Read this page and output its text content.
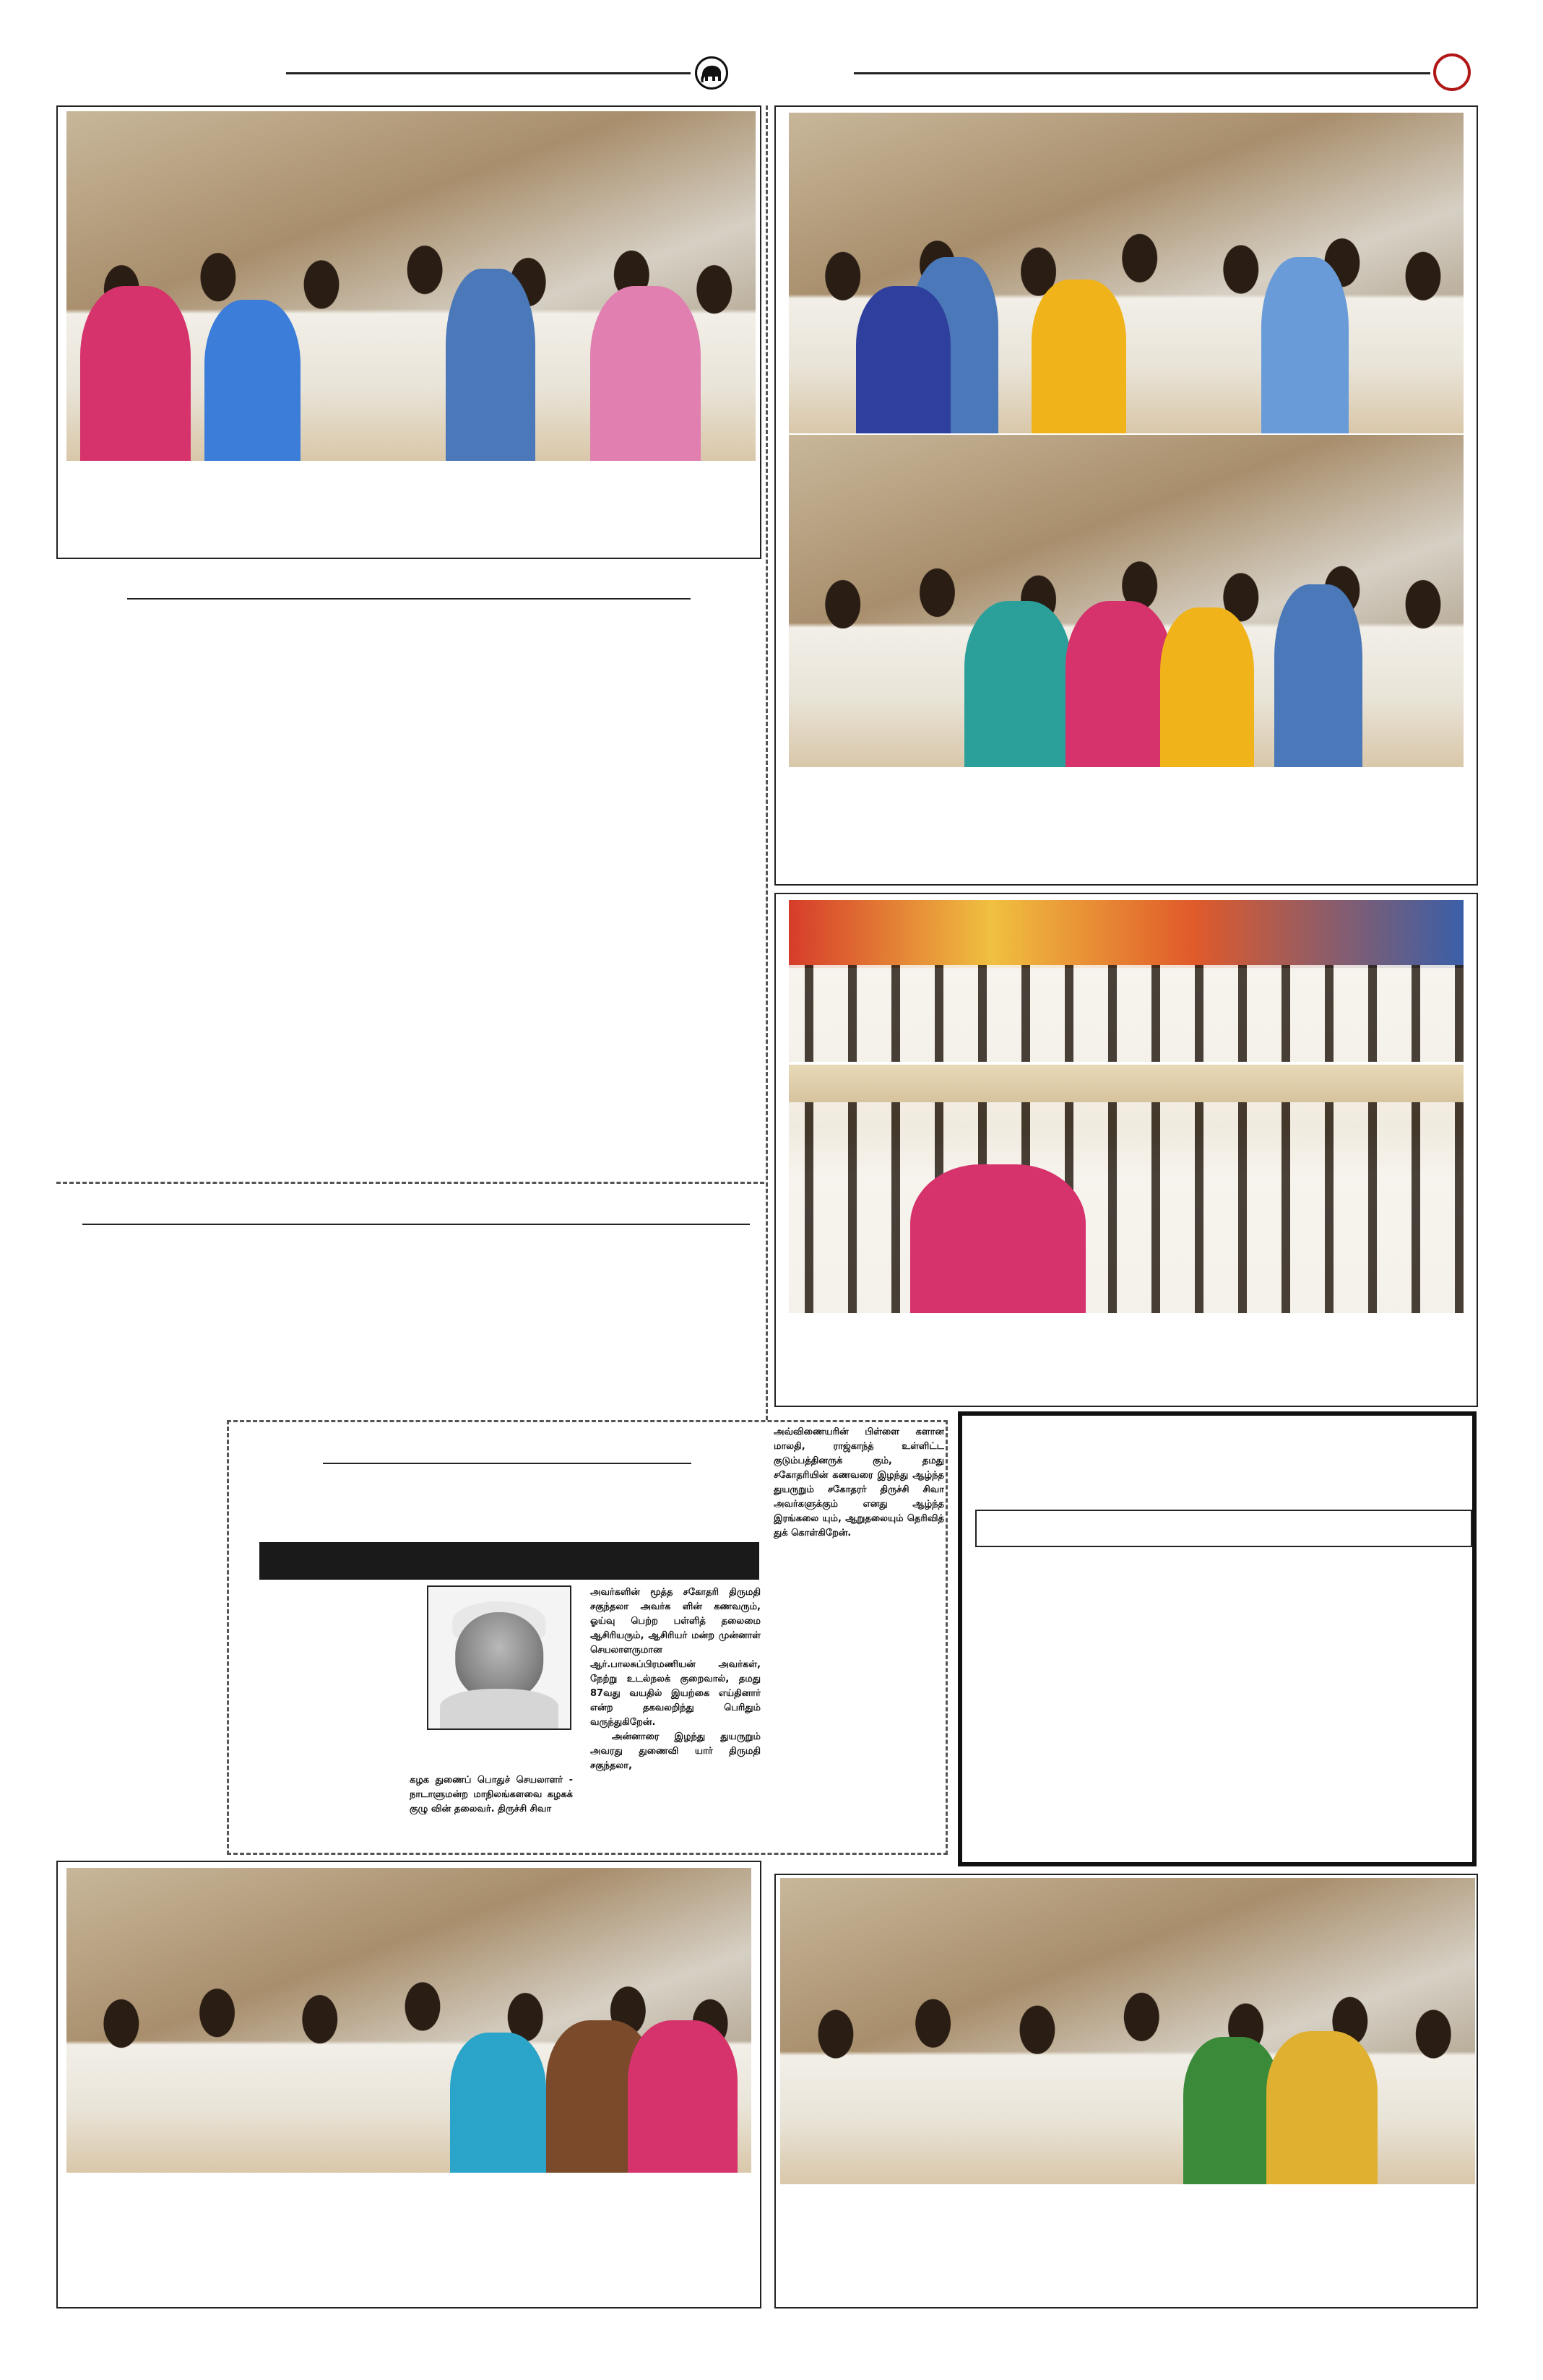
கழக துணைப் பொதுச் செயலாளர் - நாடாளுமன்ற மாநிலங்களவை கழகக் குழு வின் தலைவர். திருச்சி சிவா

அவர்களின் மூத்த சகோதரி திருமதி சகுந்தலா அவர்க ளின் கணவரும், ஓய்வு பெற்ற பள்ளித் தலைமை ஆசிரியரும், ஆசிரியர் மன்ற முன்னாள் செயலாளருமான ஆர்.பாலசுப்பிரமணியன் அவர்கள், நேற்று உடல்நலக் குறைவால், தமது 87வது வயதில் இயற்கை எய்தினார் என்ற தகவலறிந்து பெரிதும் வருந்துகிறேன்.

அன்னாரை இழந்து துயருறும் அவரது துணைவி யார் திருமதி சகுந்தலா,

அவ்விணையரின் பிள்ளை களான மாலதி, ராஜ்காந்த் உள்ளிட்ட குடும்பத்தினருக் கும், தமது சகோதரியின் கணவரை இழந்து ஆழ்ந்த துயருறும் சகோதரர் திருச்சி சிவா அவர்களுக்கும் எனது ஆழ்ந்த இரங்கலை யும், ஆறுதலையும் தெரிவித் துக் கொள்கிறேன்.
